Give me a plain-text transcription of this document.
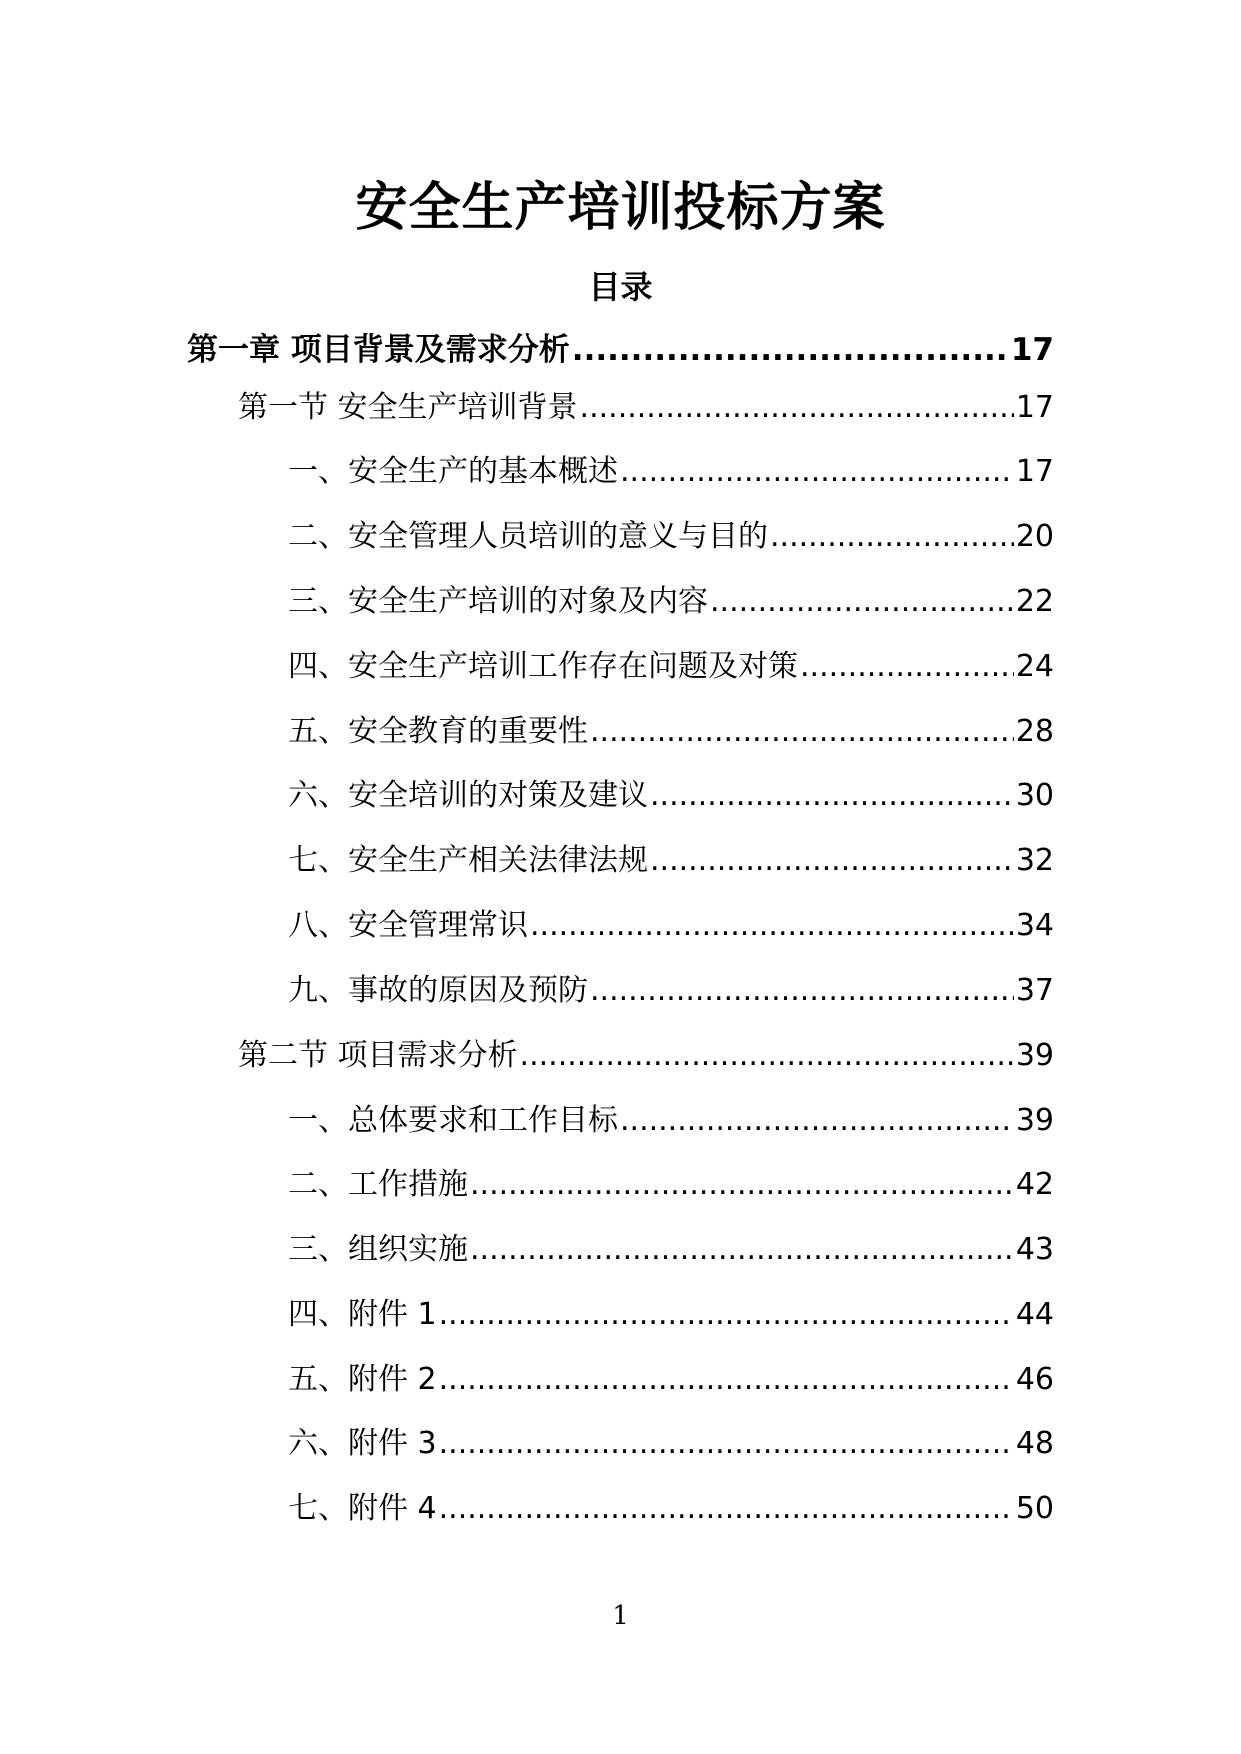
安全生产培训投标方案
目录
第一章 项目背景及需求分析 .....	17
第一节 安全生产培训背景 .....	17
一、安全生产的基本概述 .....	17
二、安全管理人员培训的意义与目的 .....	20
三、安全生产培训的对象及内容 .....	22
四、安全生产培训工作存在问题及对策 .....	24
五、安全教育的重要性 .....	28
六、安全培训的对策及建议 .....	30
七、安全生产相关法律法规 .....	32
八、安全管理常识 .....	34
九、事故的原因及预防 .....	37
第二节 项目需求分析 .....	39
一、总体要求和工作目标 .....	39
二、工作措施 .....	42
三、组织实施 .....	43
四、附件 1 .....	44
五、附件 2 .....	46
六、附件 3 .....	48
七、附件 4 .....	50
1
